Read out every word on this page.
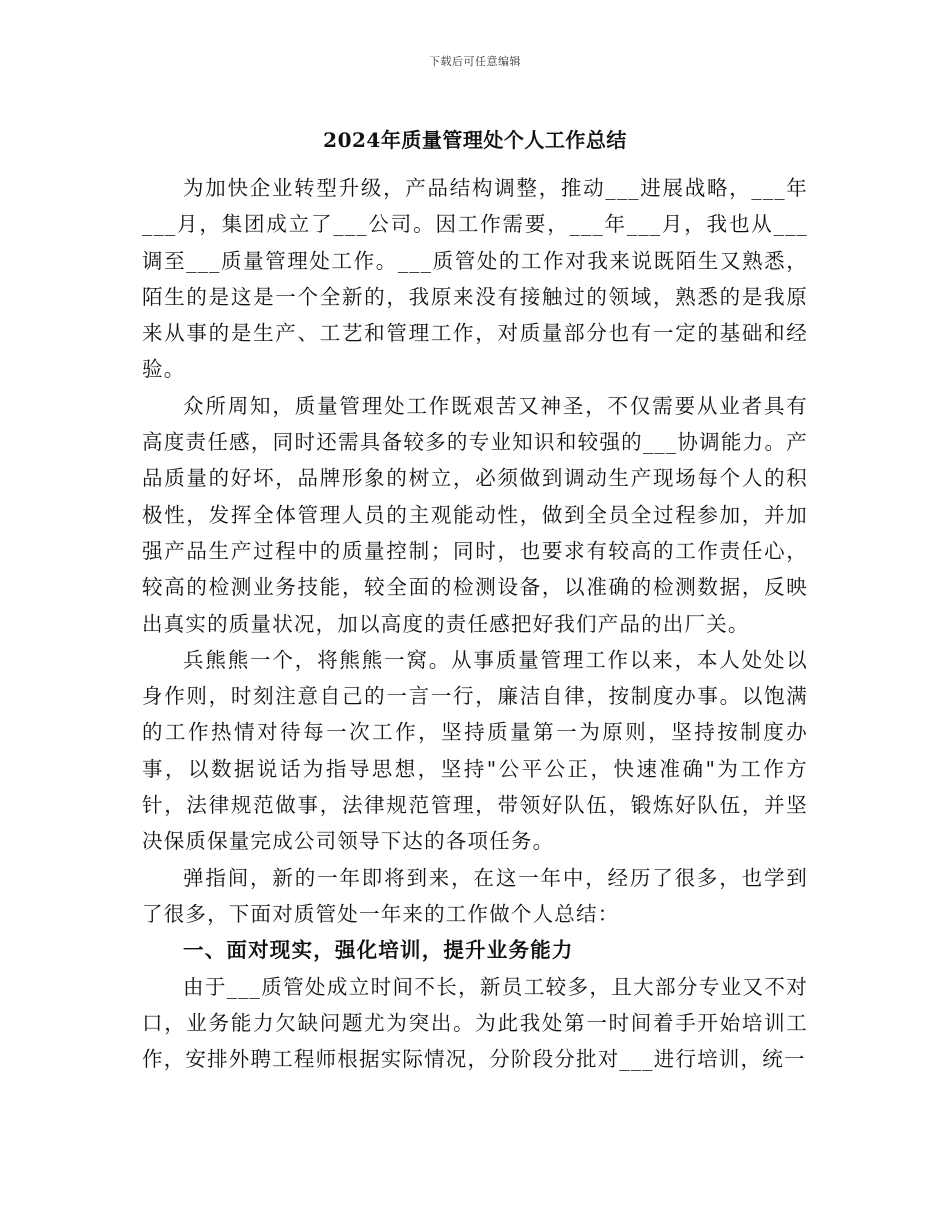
下载后可任意编辑
2024年质量管理处个人工作总结

为加快企业转型升级，产品结构调整，推动___进展战略，___年___月，集团成立了___公司。因工作需要，___年___月，我也从___调至___质量管理处工作。___质管处的工作对我来说既陌生又熟悉，陌生的是这是一个全新的，我原来没有接触过的领域，熟悉的是我原来从事的是生产、工艺和管理工作，对质量部分也有一定的基础和经验。

众所周知，质量管理处工作既艰苦又神圣，不仅需要从业者具有高度责任感，同时还需具备较多的专业知识和较强的___协调能力。产品质量的好坏，品牌形象的树立，必须做到调动生产现场每个人的积极性，发挥全体管理人员的主观能动性，做到全员全过程参加，并加强产品生产过程中的质量控制；同时，也要求有较高的工作责任心，较高的检测业务技能，较全面的检测设备，以准确的检测数据，反映出真实的质量状况，加以高度的责任感把好我们产品的出厂关。

兵熊熊一个，将熊熊一窝。从事质量管理工作以来，本人处处以身作则，时刻注意自己的一言一行，廉洁自律，按制度办事。以饱满的工作热情对待每一次工作，坚持质量第一为原则，坚持按制度办事，以数据说话为指导思想，坚持"公平公正，快速准确"为工作方针，法律规范做事，法律规范管理，带领好队伍，锻炼好队伍，并坚决保质保量完成公司领导下达的各项任务。

弹指间，新的一年即将到来，在这一年中，经历了很多，也学到了很多，下面对质管处一年来的工作做个人总结：

一、面对现实，强化培训，提升业务能力

由于___质管处成立时间不长，新员工较多，且大部分专业又不对口，业务能力欠缺问题尤为突出。为此我处第一时间着手开始培训工作，安排外聘工程师根据实际情况，分阶段分批对___进行培训，统一
